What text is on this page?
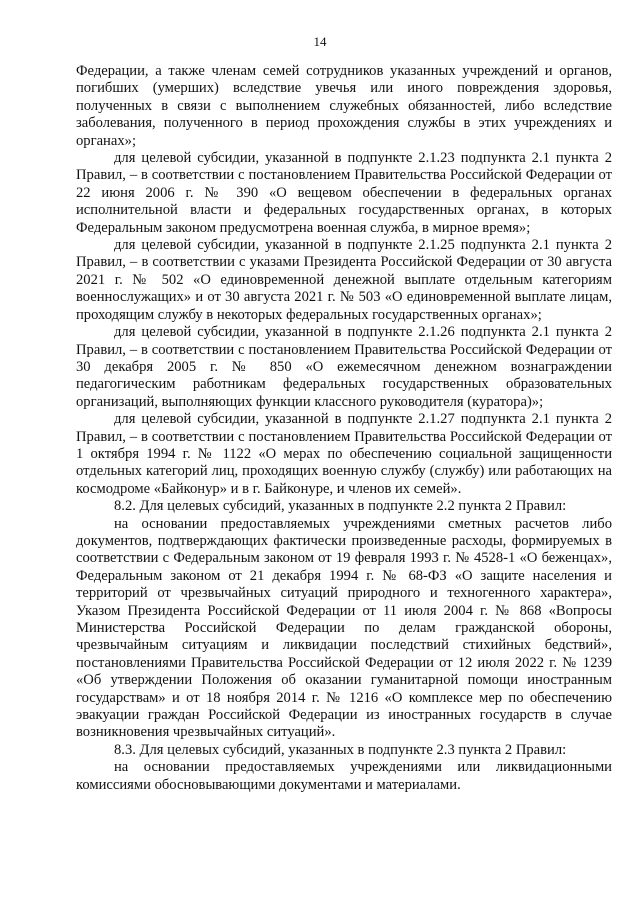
14

Федерации, а также членам семей сотрудников указанных учреждений и органов, погибших (умерших) вследствие увечья или иного повреждения здоровья, полученных в связи с выполнением служебных обязанностей, либо вследствие заболевания, полученного в период прохождения службы в этих учреждениях и органах»;

для целевой субсидии, указанной в подпункте 2.1.23 подпункта 2.1 пункта 2 Правил, – в соответствии с постановлением Правительства Российской Федерации от 22 июня 2006 г. № 390 «О вещевом обеспечении в федеральных органах исполнительной власти и федеральных государственных органах, в которых Федеральным законом предусмотрена военная служба, в мирное время»;

для целевой субсидии, указанной в подпункте 2.1.25 подпункта 2.1 пункта 2 Правил, – в соответствии с указами Президента Российской Федерации от 30 августа 2021 г. № 502 «О единовременной денежной выплате отдельным категориям военнослужащих» и от 30 августа 2021 г. № 503 «О единовременной выплате лицам, проходящим службу в некоторых федеральных государственных органах»;

для целевой субсидии, указанной в подпункте 2.1.26 подпункта 2.1 пункта 2 Правил, – в соответствии с постановлением Правительства Российской Федерации от 30 декабря 2005 г. № 850 «О ежемесячном денежном вознаграждении педагогическим работникам федеральных государственных образовательных организаций, выполняющих функции классного руководителя (куратора)»;

для целевой субсидии, указанной в подпункте 2.1.27 подпункта 2.1 пункта 2 Правил, – в соответствии с постановлением Правительства Российской Федерации от 1 октября 1994 г. № 1122 «О мерах по обеспечению социальной защищенности отдельных категорий лиц, проходящих военную службу (службу) или работающих на космодроме «Байконур» и в г. Байконуре, и членов их семей».

8.2. Для целевых субсидий, указанных в подпункте 2.2 пункта 2 Правил:

на основании предоставляемых учреждениями сметных расчетов либо документов, подтверждающих фактически произведенные расходы, формируемых в соответствии с Федеральным законом от 19 февраля 1993 г. № 4528-1 «О беженцах», Федеральным законом от 21 декабря 1994 г. № 68-ФЗ «О защите населения и территорий от чрезвычайных ситуаций природного и техногенного характера», Указом Президента Российской Федерации от 11 июля 2004 г. № 868 «Вопросы Министерства Российской Федерации по делам гражданской обороны, чрезвычайным ситуациям и ликвидации последствий стихийных бедствий», постановлениями Правительства Российской Федерации от 12 июля 2022 г. № 1239 «Об утверждении Положения об оказании гуманитарной помощи иностранным государствам» и от 18 ноября 2014 г. № 1216 «О комплексе мер по обеспечению эвакуации граждан Российской Федерации из иностранных государств в случае возникновения чрезвычайных ситуаций».

8.3. Для целевых субсидий, указанных в подпункте 2.3 пункта 2 Правил:

на основании предоставляемых учреждениями или ликвидационными комиссиями обосновывающими документами и материалами.
